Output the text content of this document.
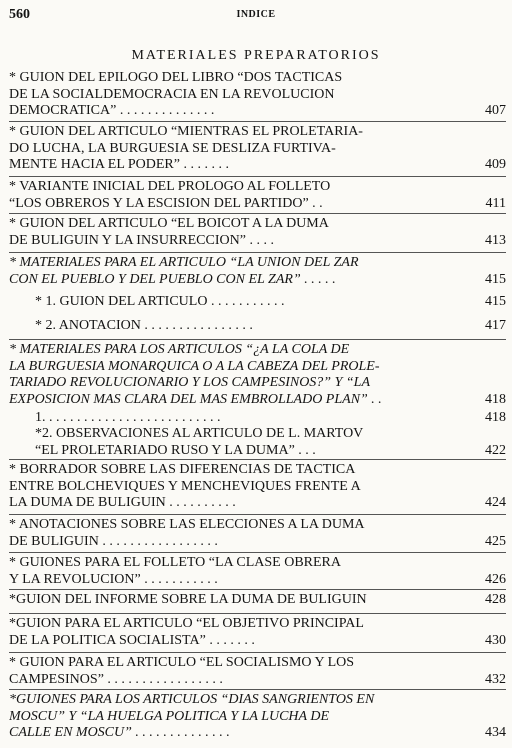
560	INDICE
MATERIALES PREPARATORIOS
* GUION DEL EPILOGO DEL LIBRO “DOS TACTICAS
DE LA SOCIALDEMOCRACIA EN LA REVOLUCION
DEMOCRATICA” . . . . . . . . . . . . . .	407
* GUION DEL ARTICULO “MIENTRAS EL PROLETARIA-
DO LUCHA, LA BURGUESIA SE DESLIZA FURTIVA-
MENTE HACIA EL PODER” . . . . . . .	409
* VARIANTE INICIAL DEL PROLOGO AL FOLLETO
“LOS OBREROS Y LA ESCISION DEL PARTIDO” . .	411
* GUION DEL ARTICULO “EL BOICOT A LA DUMA
DE BULIGUIN Y LA INSURRECCION” . . . .	413
* MATERIALES PARA EL ARTICULO “LA UNION DEL ZAR
CON EL PUEBLO Y DEL PUEBLO CON EL ZAR” . . . . .	415
* 1. GUION DEL ARTICULO . . . . . . . . . . .	415
* 2. ANOTACION . . . . . . . . . . . . . . . .	417
* MATERIALES PARA LOS ARTICULOS “¿A LA COLA DE
LA BURGUESIA MONARQUICA O A LA CABEZA DEL PROLE-
TARIADO REVOLUCIONARIO Y LOS CAMPESINOS?” Y “LA
EXPOSICION MAS CLARA DEL MAS EMBROLLADO PLAN” . .	418
1. . . . . . . . . . . . . . . . . . . . . . . . . .	418
*2. OBSERVACIONES AL ARTICULO DE L. MARTOV
“EL PROLETARIADO RUSO Y LA DUMA” . . .	422
* BORRADOR SOBRE LAS DIFERENCIAS DE TACTICA
ENTRE BOLCHEVIQUES Y MENCHEVIQUES FRENTE A
LA DUMA DE BULIGUIN . . . . . . . . . .	424
* ANOTACIONES SOBRE LAS ELECCIONES A LA DUMA
DE BULIGUIN . . . . . . . . . . . . . . . . .	425
* GUIONES PARA EL FOLLETO “LA CLASE OBRERA
Y LA REVOLUCION” . . . . . . . . . . .	426
*GUION DEL INFORME SOBRE LA DUMA DE BULIGUIN	428
*GUION PARA EL ARTICULO “EL OBJETIVO PRINCIPAL
DE LA POLITICA SOCIALISTA” . . . . . . .	430
* GUION PARA EL ARTICULO “EL SOCIALISMO Y LOS
CAMPESINOS” . . . . . . . . . . . . . . . . .	432
*GUIONES PARA LOS ARTICULOS “DIAS SANGRIENTOS EN
MOSCU” Y “LA HUELGA POLITICA Y LA LUCHA DE
CALLE EN MOSCU” . . . . . . . . . . . . . .	434
